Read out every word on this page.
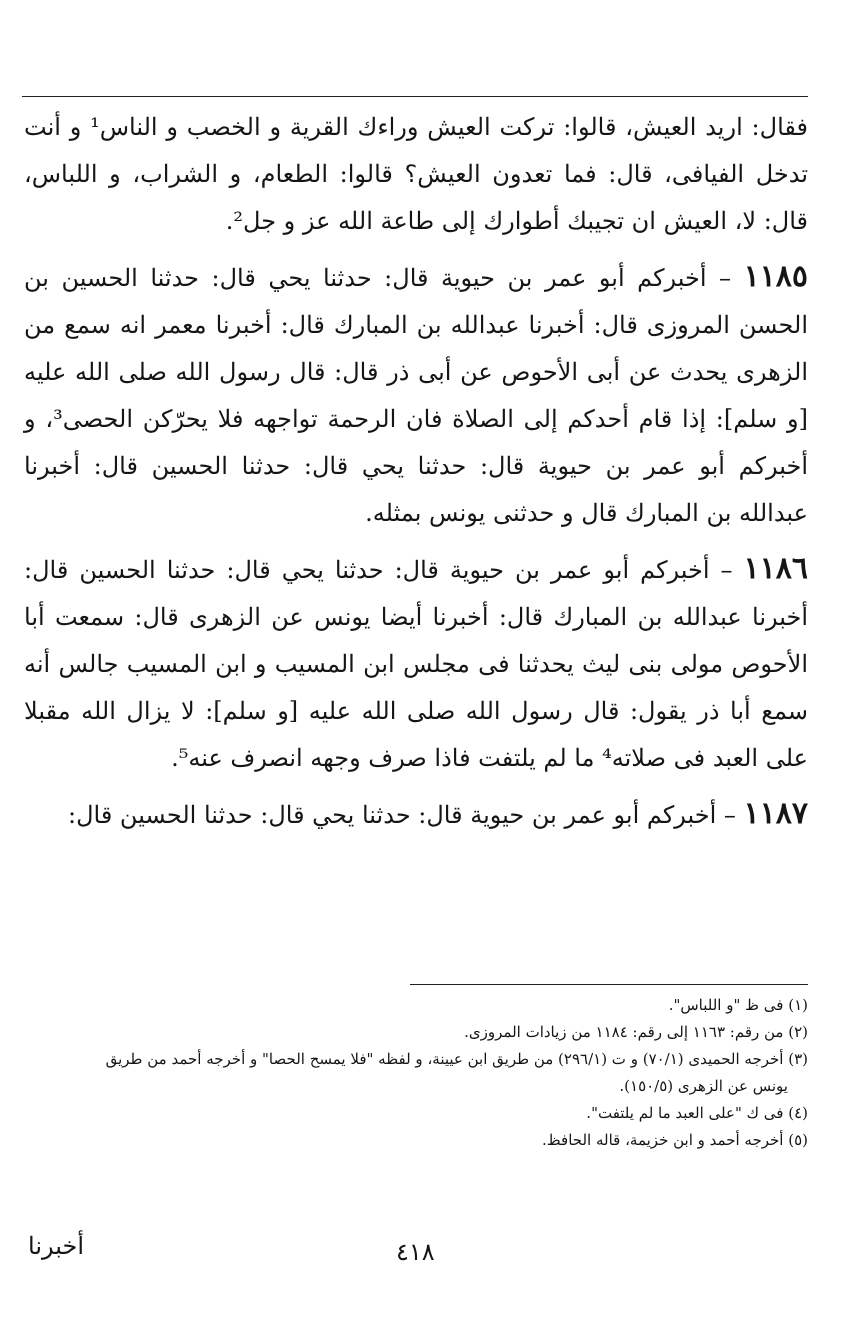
فقال: اريد العيش، قالوا: تركت العيش وراءك القرية و الخصب و الناس¹ و أنت تدخل الفيافى، قال: فما تعدون العيش؟ قالوا: الطعام، و الشراب، و اللباس، قال: لا، العيش ان تجيبك أطوارك إلى طاعة الله عز و جل².

١١٨٥ – أخبركم أبو عمر بن حيوية قال: حدثنا يحي قال: حدثنا الحسين بن الحسن المروزى قال: أخبرنا عبدالله بن المبارك قال: أخبرنا معمر انه سمع من الزهرى يحدث عن أبى الأحوص عن أبى ذر قال: قال رسول الله صلى الله عليه [و سلم]: إذا قام أحدكم إلى الصلاة فان الرحمة تواجهه فلا يحرّكن الحصى³، و أخبركم أبو عمر بن حيوية قال: حدثنا يحي قال: حدثنا الحسين قال: أخبرنا عبدالله بن المبارك قال و حدثنى يونس بمثله.

١١٨٦ – أخبركم أبو عمر بن حيوية قال: حدثنا يحي قال: حدثنا الحسين قال: أخبرنا عبدالله بن المبارك قال: أخبرنا أيضا يونس عن الزهرى قال: سمعت أبا الأحوص مولى بنى ليث يحدثنا فى مجلس ابن المسيب و ابن المسيب جالس أنه سمع أبا ذر يقول: قال رسول الله صلى الله عليه [و سلم]: لا يزال الله مقبلا على العبد فى صلاته⁴ ما لم يلتفت فاذا صرف وجهه انصرف عنه⁵.

١١٨٧ – أخبركم أبو عمر بن حيوية قال: حدثنا يحي قال: حدثنا الحسين قال:

(١) فى ظ "و اللباس".

(٢) من رقم: ١١٦٣ إلى رقم: ١١٨٤ من زيادات المروزى.

(٣) أخرجه الحميدى (٧٠/١) و ت (٢٩٦/١) من طريق ابن عيينة، و لفظه "فلا يمسح الحصا" و أخرجه أحمد من طريق

يونس عن الزهرى (١٥٠/٥).

(٤) فى ك "على العبد ما لم يلتفت".

(٥) أخرجه أحمد و ابن خزيمة، قاله الحافظ.

٤١٨
أخبرنا
